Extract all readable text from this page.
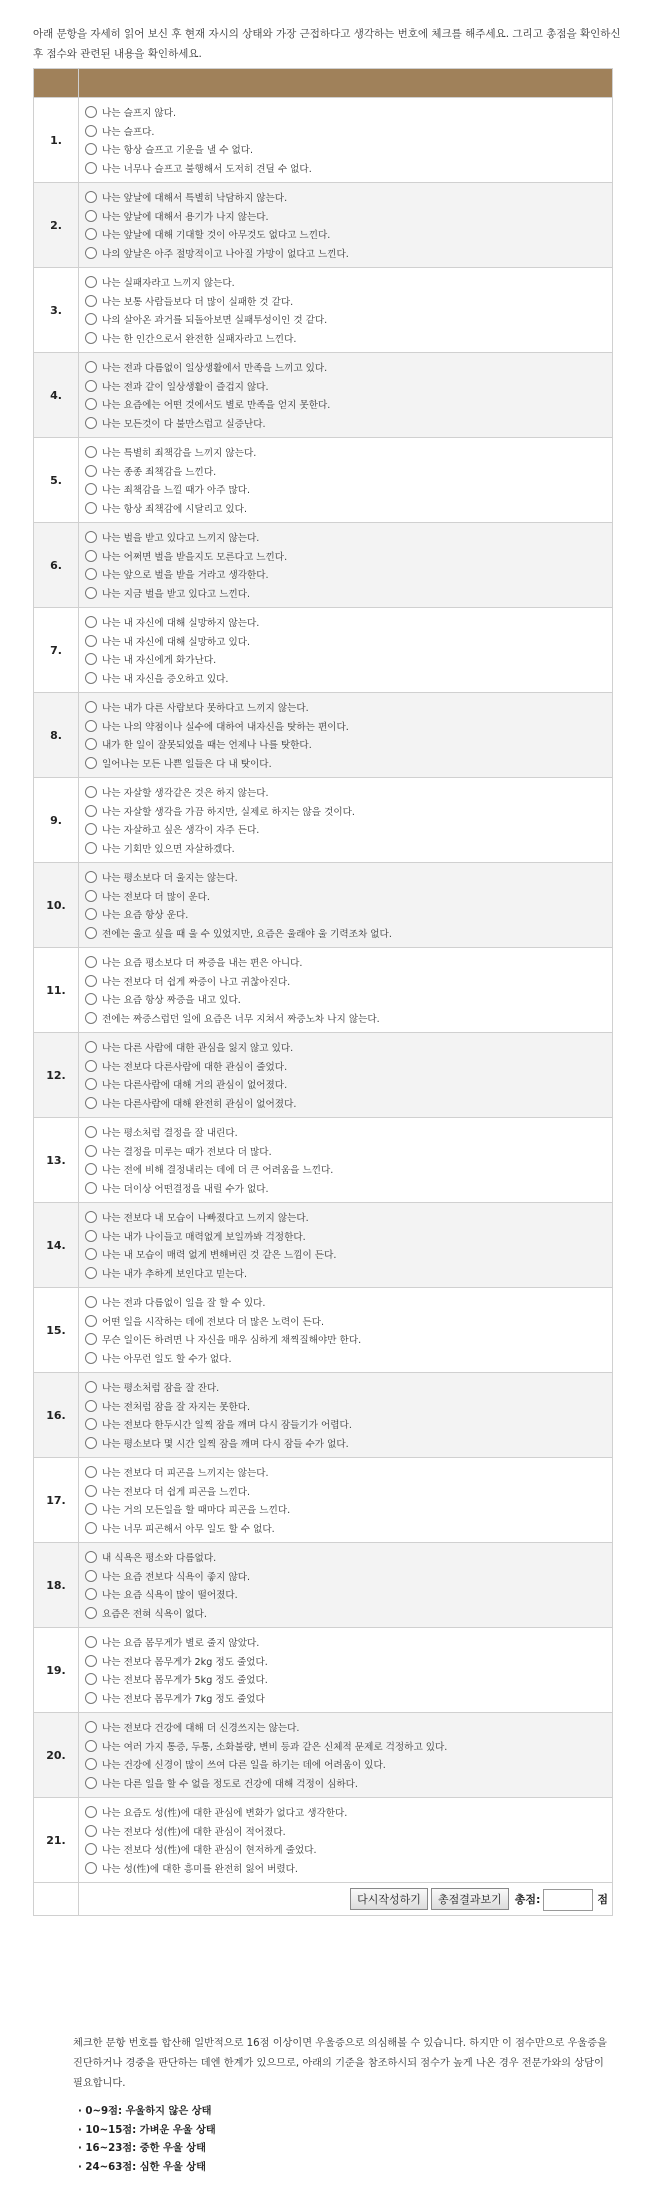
아래 문항을 자세히 읽어 보신 후 현재 자시의 상태와 가장 근접하다고 생각하는 번호에 체크를 해주세요. 그리고 총점을 확인하신 후 점수와 관련된 내용을 확인하세요.

1.	나는 슬프지 않다.
나는 슬프다.
나는 항상 슬프고 기운을 낼 수 없다.
나는 너무나 슬프고 불행해서 도저히 견딜 수 없다.

2.	나는 앞날에 대해서 특별히 낙담하지 않는다.
나는 앞날에 대해서 용기가 나지 않는다.
나는 앞날에 대해 기대할 것이 아무것도 없다고 느낀다.
나의 앞날은 아주 절망적이고 나아질 가망이 없다고 느낀다.

3.	나는 실패자라고 느끼지 않는다.
나는 보통 사람들보다 더 많이 실패한 것 같다.
나의 살아온 과거를 되돌아보면 실패투성이인 것 같다.
나는 한 인간으로서 완전한 실패자라고 느낀다.

4.	나는 전과 다름없이 일상생활에서 만족을 느끼고 있다.
나는 전과 같이 일상생활이 즐겁지 않다.
나는 요즘에는 어떤 것에서도 별로 만족을 얻지 못한다.
나는 모든것이 다 불만스럽고 실증난다.

5.	나는 특별히 죄책감을 느끼지 않는다.
나는 종종 죄책감을 느낀다.
나는 죄책감을 느낄 때가 아주 많다.
나는 항상 죄책감에 시달리고 있다.

6.	나는 벌을 받고 있다고 느끼지 않는다.
나는 어쩌면 벌을 받을지도 모른다고 느낀다.
나는 앞으로 벌을 받을 거라고 생각한다.
나는 지금 벌을 받고 있다고 느낀다.

7.	나는 내 자신에 대해 실망하지 않는다.
나는 내 자신에 대해 실망하고 있다.
나는 내 자신에게 화가난다.
나는 내 자신을 증오하고 있다.

8.	나는 내가 다른 사람보다 못하다고 느끼지 않는다.
나는 나의 약점이나 실수에 대하여 내자신을 탓하는 편이다.
내가 한 일이 잘못되었을 때는 언제나 나를 탓한다.
일어나는 모든 나쁜 일들은 다 내 탓이다.

9.	나는 자살할 생각같은 것은 하지 않는다.
나는 자살할 생각을 가끔 하지만, 실제로 하지는 않을 것이다.
나는 자살하고 싶은 생각이 자주 든다.
나는 기회만 있으면 자살하겠다.

10.	나는 평소보다 더 울지는 않는다.
나는 전보다 더 많이 운다.
나는 요즘 항상 운다.
전에는 울고 싶을 때 울 수 있었지만, 요즘은 울래야 울 기력조차 없다.

11.	나는 요즘 평소보다 더 짜증을 내는 편은 아니다.
나는 전보다 더 쉽게 짜증이 나고 귀찮아진다.
나는 요즘 항상 짜증을 내고 있다.
전에는 짜증스럽던 일에 요즘은 너무 지쳐서 짜증노차 나지 않는다.

12.	나는 다른 사람에 대한 관심을 잃지 않고 있다.
나는 전보다 다른사람에 대한 관심이 줄었다.
나는 다른사람에 대해 거의 관심이 없어졌다.
나는 다른사람에 대해 완전히 관심이 없어졌다.

13.	나는 평소처럼 결정을 잘 내린다.
나는 결정을 미루는 때가 전보다 더 많다.
나는 전에 비해 결정내리는 데에 더 큰 어려움을 느낀다.
나는 더이상 어떤결정을 내릴 수가 없다.

14.	나는 전보다 내 모습이 나빠졌다고 느끼지 않는다.
나는 내가 나이들고 매력없게 보일까봐 걱정한다.
나는 내 모습이 매력 없게 변해버린 것 같은 느낌이 든다.
나는 내가 추하게 보인다고 믿는다.

15.	나는 전과 다름없이 일을 잘 할 수 있다.
어떤 일을 시작하는 데에 전보다 더 많은 노력이 든다.
무슨 일이든 하려면 나 자신을 매우 심하게 채찍질해야만 한다.
나는 아무런 일도 할 수가 없다.

16.	나는 평소처럼 잠을 잘 잔다.
나는 전처럼 잠을 잘 자지는 못한다.
나는 전보다 한두시간 일찍 잠을 깨며 다시 잠들기가 어렵다.
나는 평소보다 몇 시간 일찍 잠을 깨며 다시 잠들 수가 없다.

17.	나는 전보다 더 피곤을 느끼지는 않는다.
나는 전보다 더 쉽게 피곤을 느낀다.
나는 거의 모든일을 할 때마다 피곤을 느낀다.
나는 너무 피곤해서 아무 일도 할 수 없다.

18.	내 식욕은 평소와 다름없다.
나는 요즘 전보다 식욕이 좋지 않다.
나는 요즘 식욕이 많이 떨어졌다.
요즘은 전혀 식욕이 없다.

19.	나는 요즘 몸무게가 별로 줄지 않았다.
나는 전보다 몸무게가 2kg 정도 줄었다.
나는 전보다 몸무게가 5kg 정도 줄었다.
나는 전보다 몸무게가 7kg 정도 줄었다

20.	나는 전보다 건강에 대해 더 신경쓰지는 않는다.
나는 여러 가지 통증, 두통, 소화불량, 변비 등과 같은 신체적 문제로 걱정하고 있다.
나는 건강에 신경이 많이 쓰여 다른 일을 하기는 데에 어려움이 있다.
나는 다른 일을 할 수 없을 정도로 건강에 대해 걱정이 심하다.

21.	나는 요즘도 성(性)에 대한 관심에 변화가 없다고 생각한다.
나는 전보다 성(性)에 대한 관심이 적어졌다.
나는 전보다 성(性)에 대한 관심이 현저하게 줄었다.
나는 성(性)에 대한 흥미를 완전히 잃어 버렸다.

	다시작성하기 총점결과보기 총점: 점
체크한 문항 번호를 합산해 일반적으로 16점 이상이면 우울증으로 의심해볼 수 있습니다. 하지만 이 점수만으로 우울증을 진단하거나 경중을 판단하는 데엔 한계가 있으므로, 아래의 기준을 참조하시되 점수가 높게 나온 경우 전문가와의 상담이 필요합니다.
· 0~9점: 우울하지 않은 상태
· 10~15점: 가벼운 우울 상태
· 16~23점: 중한 우울 상태
· 24~63점: 심한 우울 상태
